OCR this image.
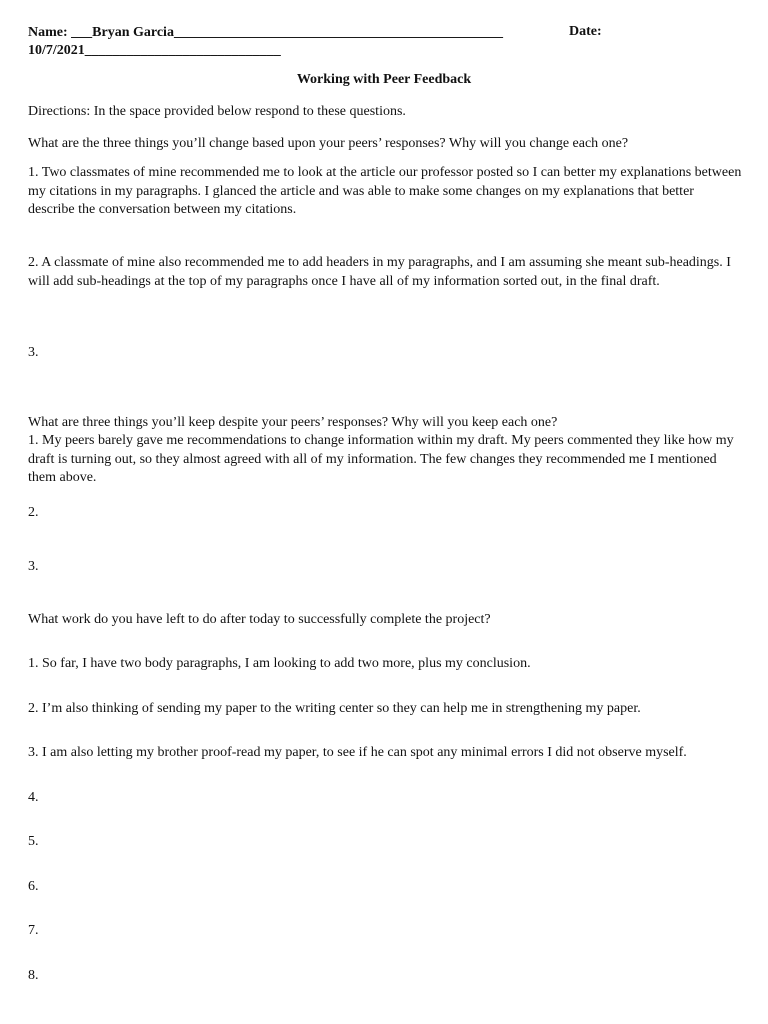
Name: ___Bryan Garcia_______________________________________________	Date:
10/7/2021____________________________
Working with Peer Feedback
Directions: In the space provided below respond to these questions.
What are the three things you’ll change based upon your peers’ responses? Why will you change each one?
1. Two classmates of mine recommended me to look at the article our professor posted so I can better my explanations between my citations in my paragraphs. I glanced the article and was able to make some changes on my explanations that better describe the conversation between my citations.
2. A classmate of mine also recommended me to add headers in my paragraphs, and I am assuming she meant sub-headings. I will add sub-headings at the top of my paragraphs once I have all of my information sorted out, in the final draft.
3.
What are three things you’ll keep despite your peers’ responses? Why will you keep each one?
1. My peers barely gave me recommendations to change information within my draft. My peers commented they like how my draft is turning out, so they almost agreed with all of my information. The few changes they recommended me I mentioned them above.
2.
3.
What work do you have left to do after today to successfully complete the project?
1. So far, I have two body paragraphs, I am looking to add two more, plus my conclusion.
2. I’m also thinking of sending my paper to the writing center so they can help me in strengthening my paper.
3. I am also letting my brother proof-read my paper, to see if he can spot any minimal errors I did not observe myself.
4.
5.
6.
7.
8.
